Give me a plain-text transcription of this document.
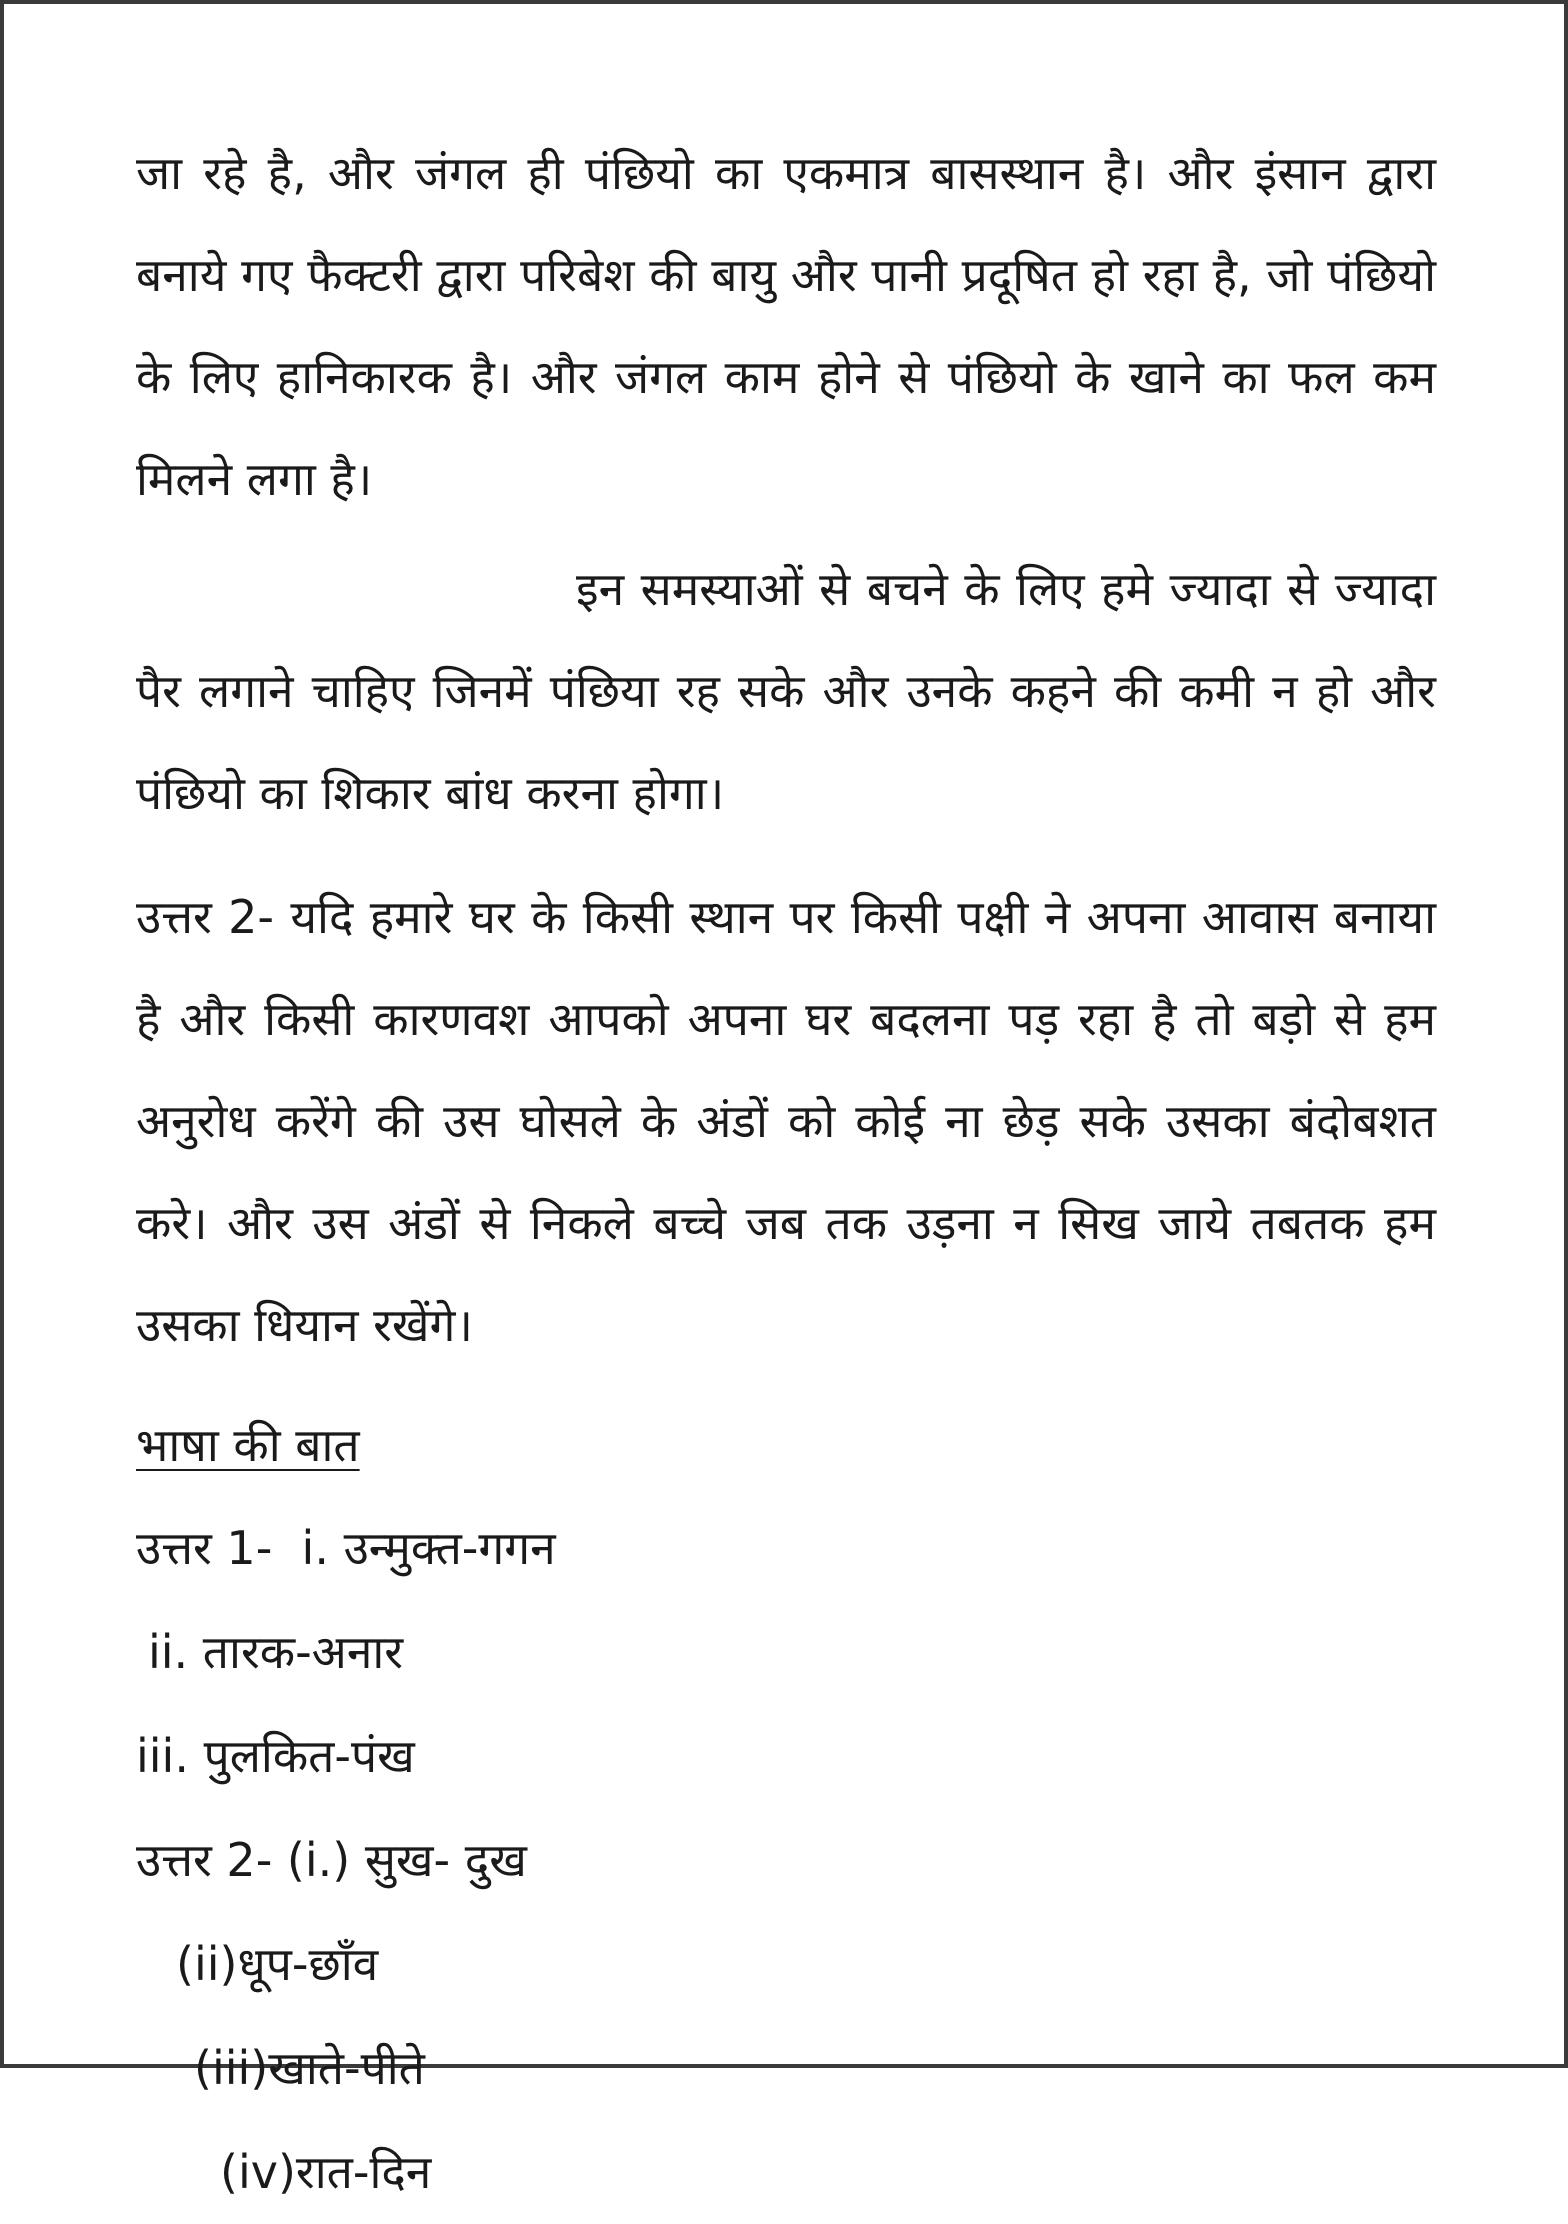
जा रहे है, और जंगल ही पंछियो का एकमात्र बासस्थान है। और इंसान द्वारा बनाये गए फैक्टरी द्वारा परिबेश की बायु और पानी प्रदूषित हो रहा है, जो पंछियो के लिए हानिकारक है। और जंगल काम होने से पंछियो के खाने का फल कम मिलने लगा है।

इन समस्याओं से बचने के लिए हमे ज्यादा से ज्यादा पैर लगाने चाहिए जिनमें पंछिया रह सके और उनके कहने की कमी न हो और पंछियो का शिकार बांध करना होगा।

उत्तर 2- यदि हमारे घर के किसी स्थान पर किसी पक्षी ने अपना आवास बनाया है और किसी कारणवश आपको अपना घर बदलना पड़ रहा है तो बड़ो से हम अनुरोध करेंगे की उस घोसले के अंडों को कोई ना छेड़ सके उसका बंदोबशत करे। और उस अंडों से निकले बच्चे जब तक उड़ना न सिख जाये तबतक हम उसका धियान रखेंगे।

भाषा की बात

उत्तर 1-  i. उन्मुक्त-गगन

ii. तारक-अनार

iii. पुलकित-पंख

उत्तर 2- (i.) सुख- दुख

(ii)धूप-छाँव

(iii)खाते-पीते

(iv)रात-दिन
